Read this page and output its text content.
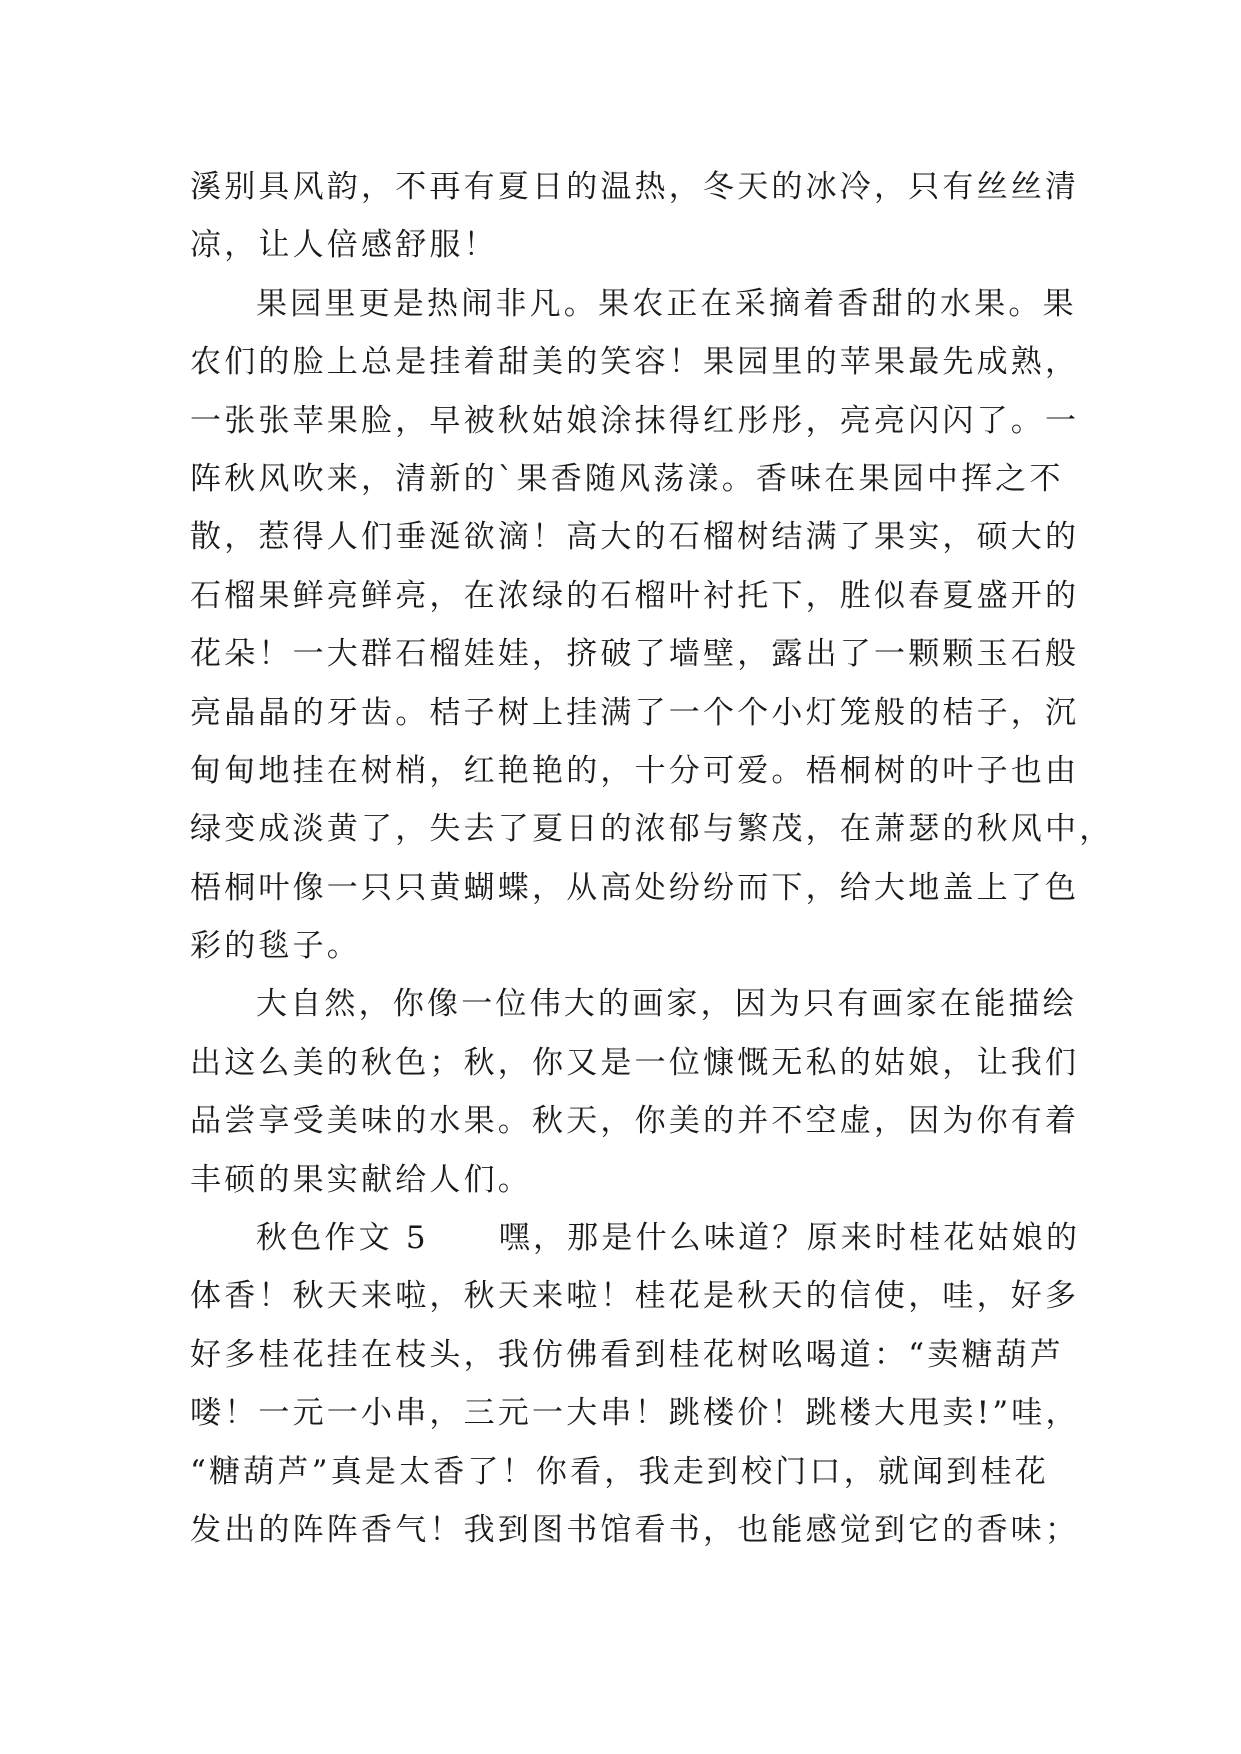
溪别具风韵，不再有夏日的温热，冬天的冰冷，只有丝丝清
凉，让人倍感舒服！
果园里更是热闹非凡。果农正在采摘着香甜的水果。果
农们的脸上总是挂着甜美的笑容！果园里的苹果最先成熟，
一张张苹果脸，早被秋姑娘涂抹得红彤彤，亮亮闪闪了。一
阵秋风吹来，清新的`果香随风荡漾。香味在果园中挥之不
散，惹得人们垂涎欲滴！高大的石榴树结满了果实，硕大的
石榴果鲜亮鲜亮，在浓绿的石榴叶衬托下，胜似春夏盛开的
花朵！一大群石榴娃娃，挤破了墙壁，露出了一颗颗玉石般
亮晶晶的牙齿。桔子树上挂满了一个个小灯笼般的桔子，沉
甸甸地挂在树梢，红艳艳的，十分可爱。梧桐树的叶子也由
绿变成淡黄了，失去了夏日的浓郁与繁茂，在萧瑟的秋风中，
梧桐叶像一只只黄蝴蝶，从高处纷纷而下，给大地盖上了色
彩的毯子。
大自然，你像一位伟大的画家，因为只有画家在能描绘
出这么美的秋色；秋，你又是一位慷慨无私的姑娘，让我们
品尝享受美味的水果。秋天，你美的并不空虚，因为你有着
丰硕的果实献给人们。
秋色作文 5 嘿，那是什么味道？原来时桂花姑娘的
体香！秋天来啦，秋天来啦！桂花是秋天的信使，哇，好多
好多桂花挂在枝头，我仿佛看到桂花树吆喝道：“卖糖葫芦
喽！一元一小串，三元一大串！跳楼价！跳楼大甩卖!”哇，
“糖葫芦”真是太香了！你看，我走到校门口，就闻到桂花
发出的阵阵香气！我到图书馆看书，也能感觉到它的香味；
